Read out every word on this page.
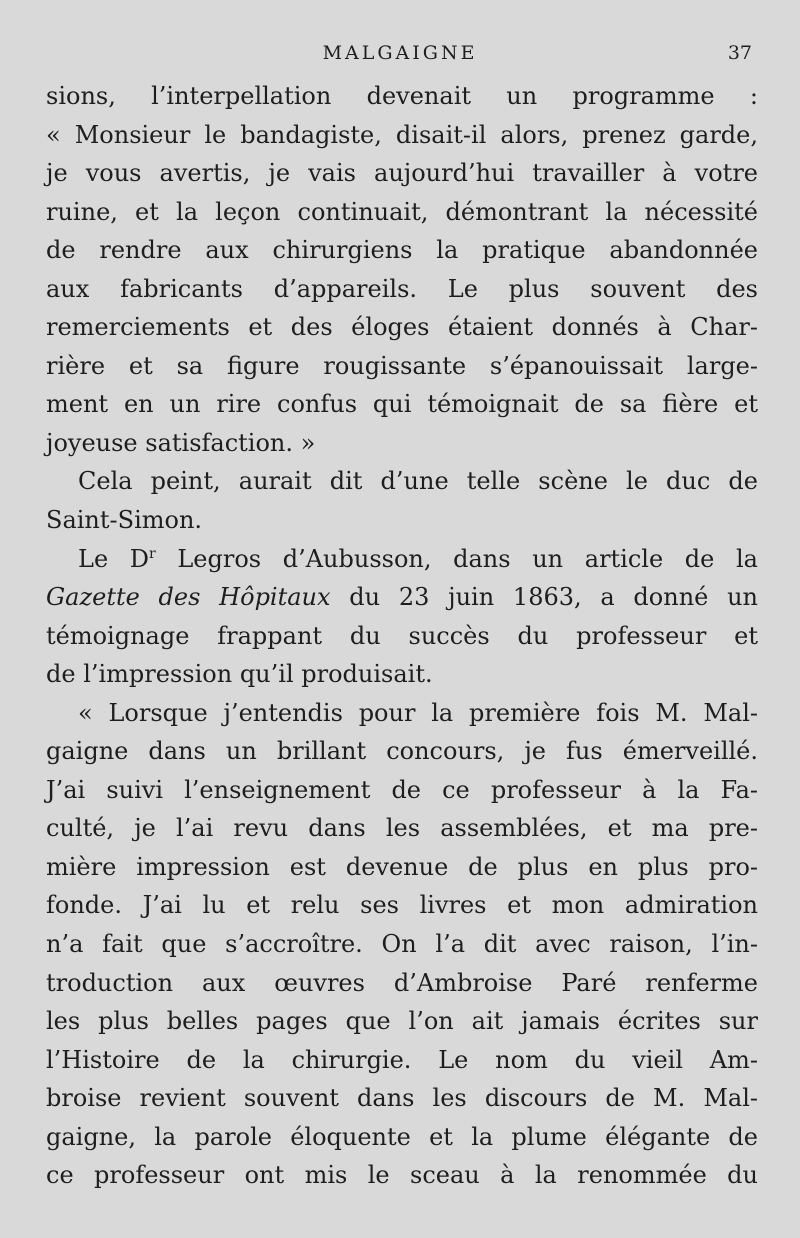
MALGAIGNE	37
sions, l’interpellation devenait un programme :
« Monsieur le bandagiste, disait-il alors, prenez garde,
je vous avertis, je vais aujourd’hui travailler à votre
ruine, et la leçon continuait, démontrant la nécessité
de rendre aux chirurgiens la pratique abandonnée
aux fabricants d’appareils. Le plus souvent des
remerciements et des éloges étaient donnés à Char-
rière et sa figure rougissante s’épanouissait large-
ment en un rire confus qui témoignait de sa fière et
joyeuse satisfaction. »
Cela peint, aurait dit d’une telle scène le duc de
Saint-Simon.
Le $D^r$ Legros d’Aubusson, dans un article de la
Gazette des Hôpitaux du 23 juin 1863, a donné un
témoignage frappant du succès du professeur et
de l’impression qu’il produisait.
« Lorsque j’entendis pour la première fois M. Mal-
gaigne dans un brillant concours, je fus émerveillé.
J’ai suivi l’enseignement de ce professeur à la Fa-
culté, je l’ai revu dans les assemblées, et ma pre-
mière impression est devenue de plus en plus pro-
fonde. J’ai lu et relu ses livres et mon admiration
n’a fait que s’accroître. On l’a dit avec raison, l’in-
troduction aux œuvres d’Ambroise Paré renferme
les plus belles pages que l’on ait jamais écrites sur
l’Histoire de la chirurgie. Le nom du vieil Am-
broise revient souvent dans les discours de M. Mal-
gaigne, la parole éloquente et la plume élégante de
ce professeur ont mis le sceau à la renommée du
